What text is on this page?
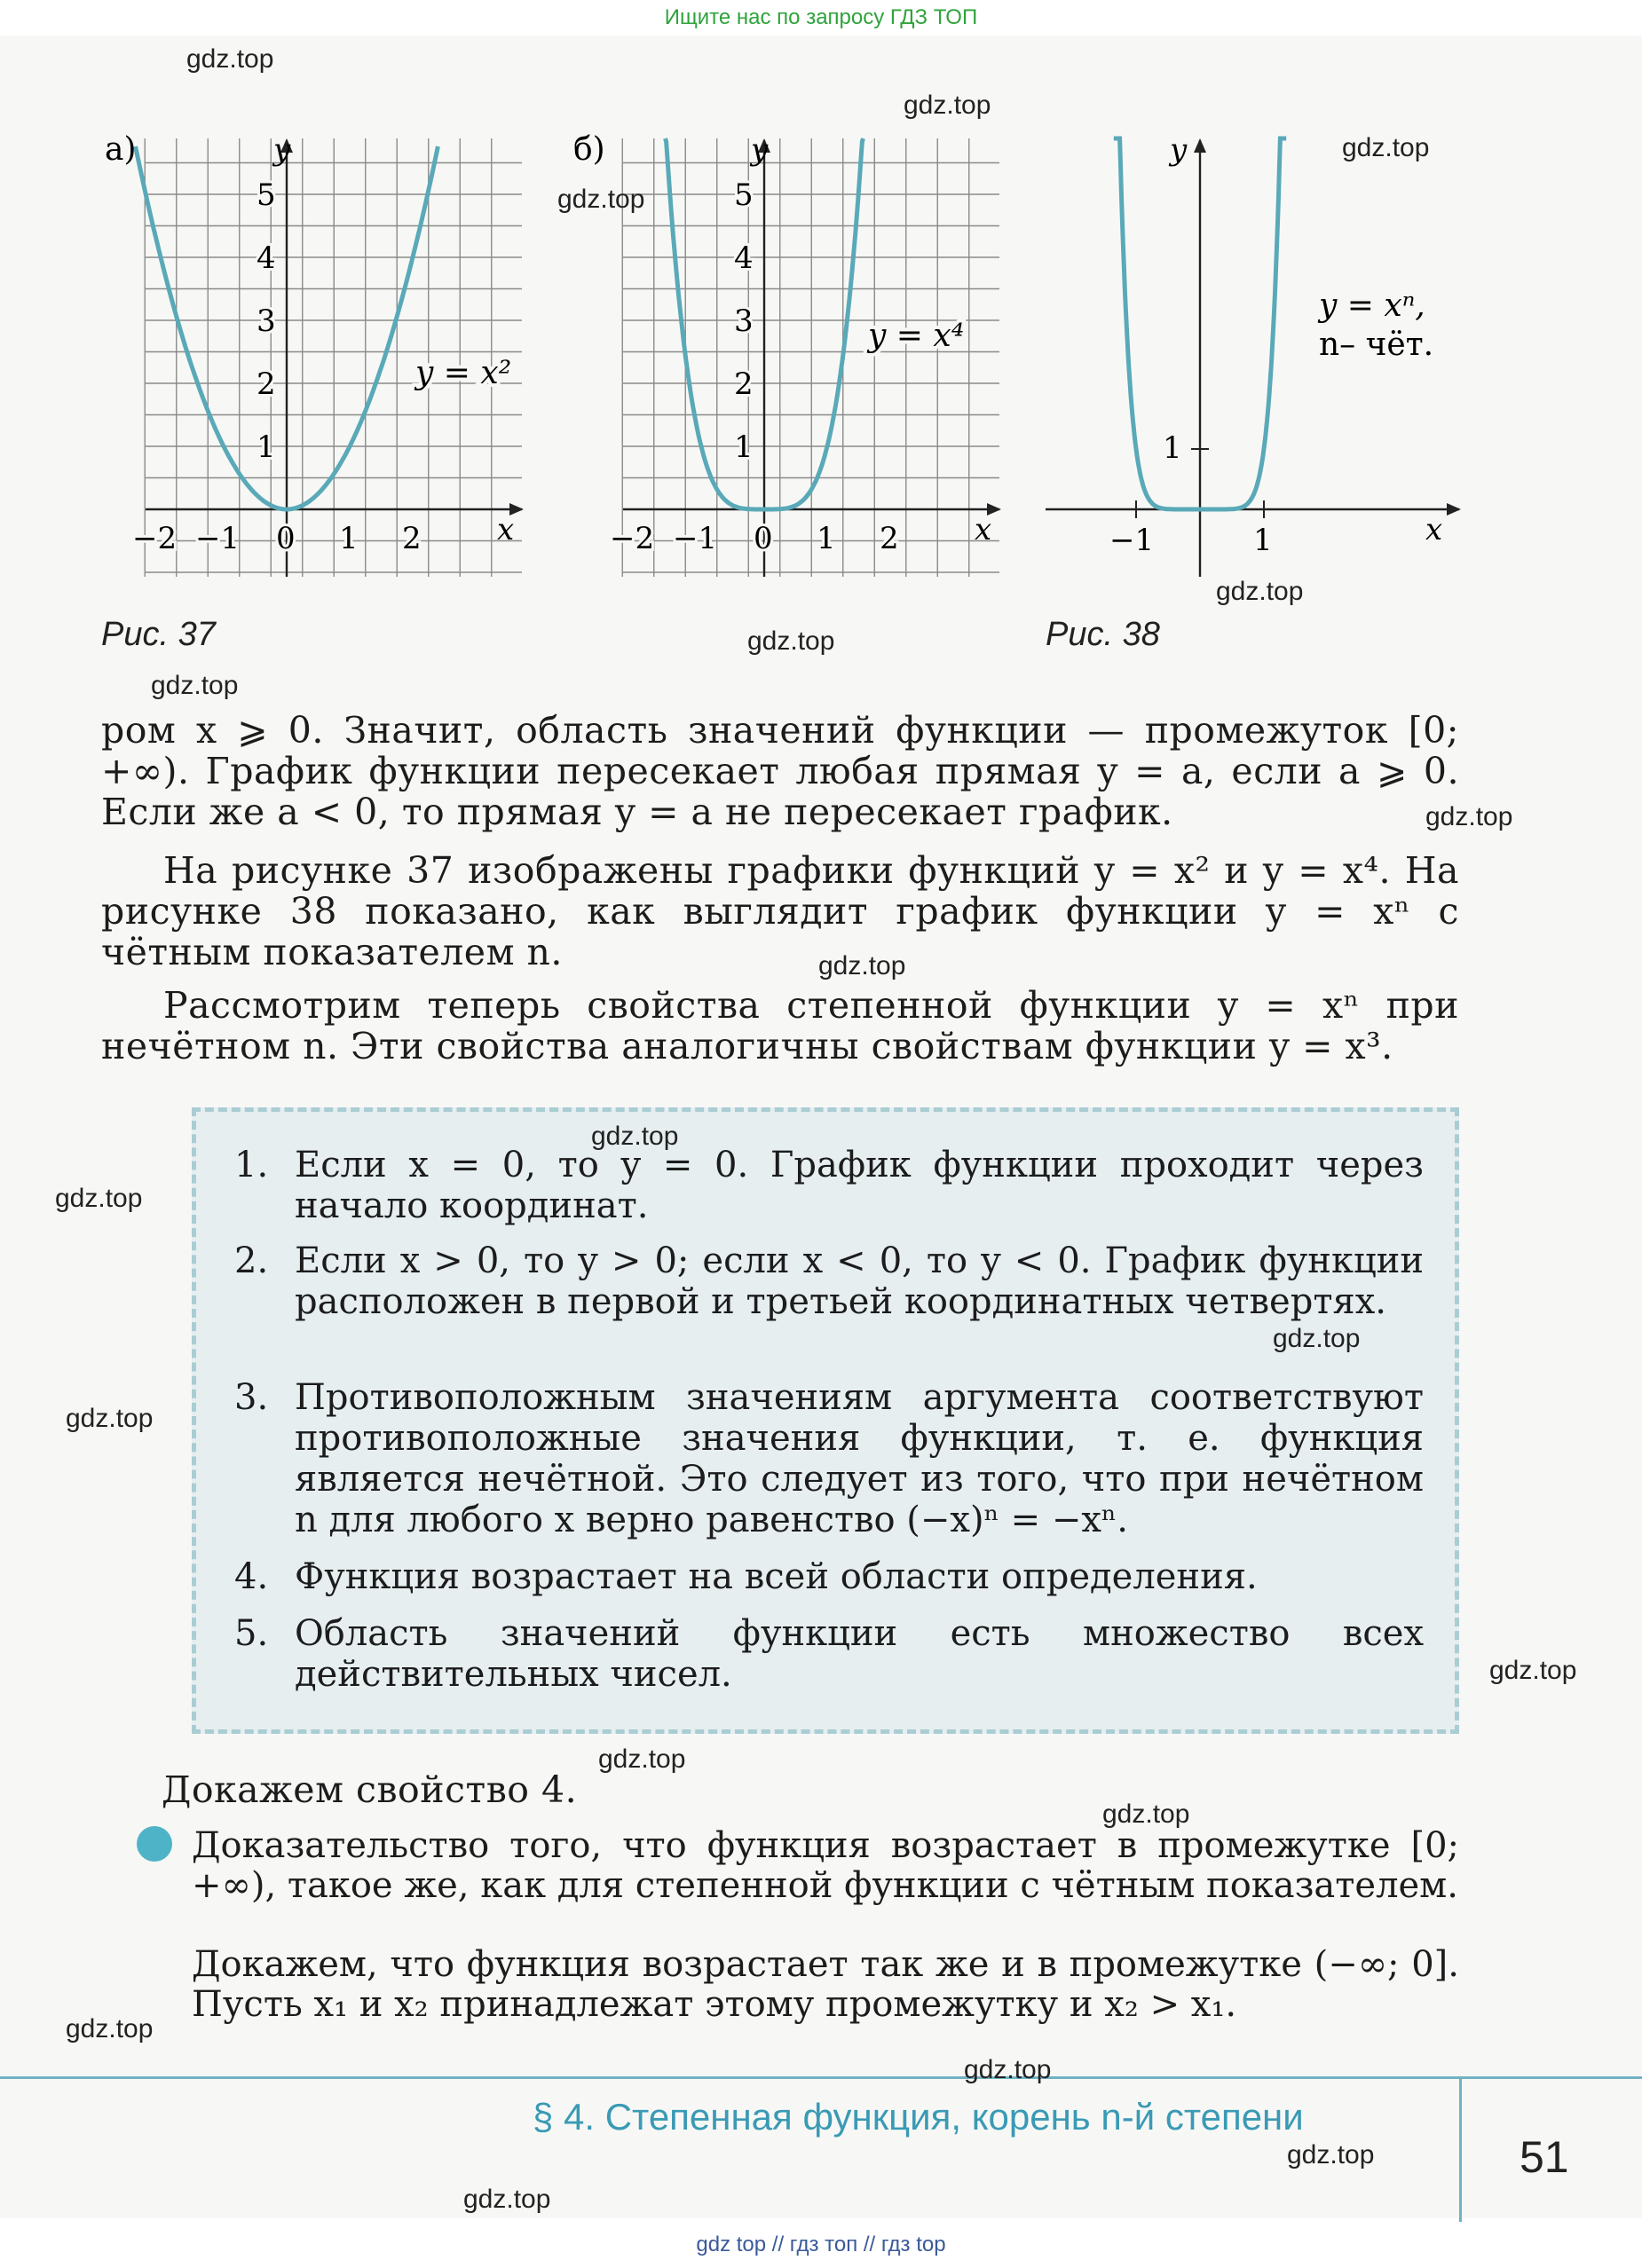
Ищите нас по запросу ГДЗ ТОП
gdz.top
gdz.top
gdz.top
gdz.top
gdz.top
gdz.top
gdz.top
gdz.top
gdz.top
gdz.top
gdz.top
gdz.top
gdz.top
gdz.top
gdz.top
gdz.top
gdz.top
gdz.top
gdz.top
gdz.top
а)	y
x
1
2
3
4
5
−2 −1 0 1 2
y = x²
б)	y
x
1
2
3
4
5
−2 −1 0 1 2
y = x⁴
y
x
−1	1
1
y = xⁿ,
n– чёт.
Рис. 37	Рис. 38
ром x ⩾ 0. Значит, область значений функции — промежуток [0; +∞). График функции пересекает любая прямая y = a, если a ⩾ 0. Если же a < 0, то прямая y = a не пересекает график.
На рисунке 37 изображены графики функций y = x² и y = x⁴. На рисунке 38 показано, как выглядит график функции y = xⁿ с чётным показателем n.
Рассмотрим теперь свойства степенной функции y = xⁿ при нечётном n. Эти свойства аналогичны свойствам функции y = x³.
1. Если x = 0, то y = 0. График функции проходит через начало координат.
2. Если x > 0, то y > 0; если x < 0, то y < 0. График функции расположен в первой и третьей координатных четвертях.
3. Противоположным значениям аргумента соответствуют противоположные значения функции, т. е. функция является нечётной. Это следует из того, что при нечётном n для любого x верно равенство (−x)ⁿ = −xⁿ.
4. Функция возрастает на всей области определения.
5. Область значений функции есть множество всех действительных чисел.
Докажем свойство 4.
Доказательство того, что функция возрастает в промежутке [0; +∞), такое же, как для степенной функции с чётным показателем.
Докажем, что функция возрастает так же и в промежутке (−∞; 0]. Пусть x₁ и x₂ принадлежат этому промежутку и x₂ > x₁.
§ 4. Степенная функция, корень n-й степени
51
gdz top // гдз топ // гдз top
